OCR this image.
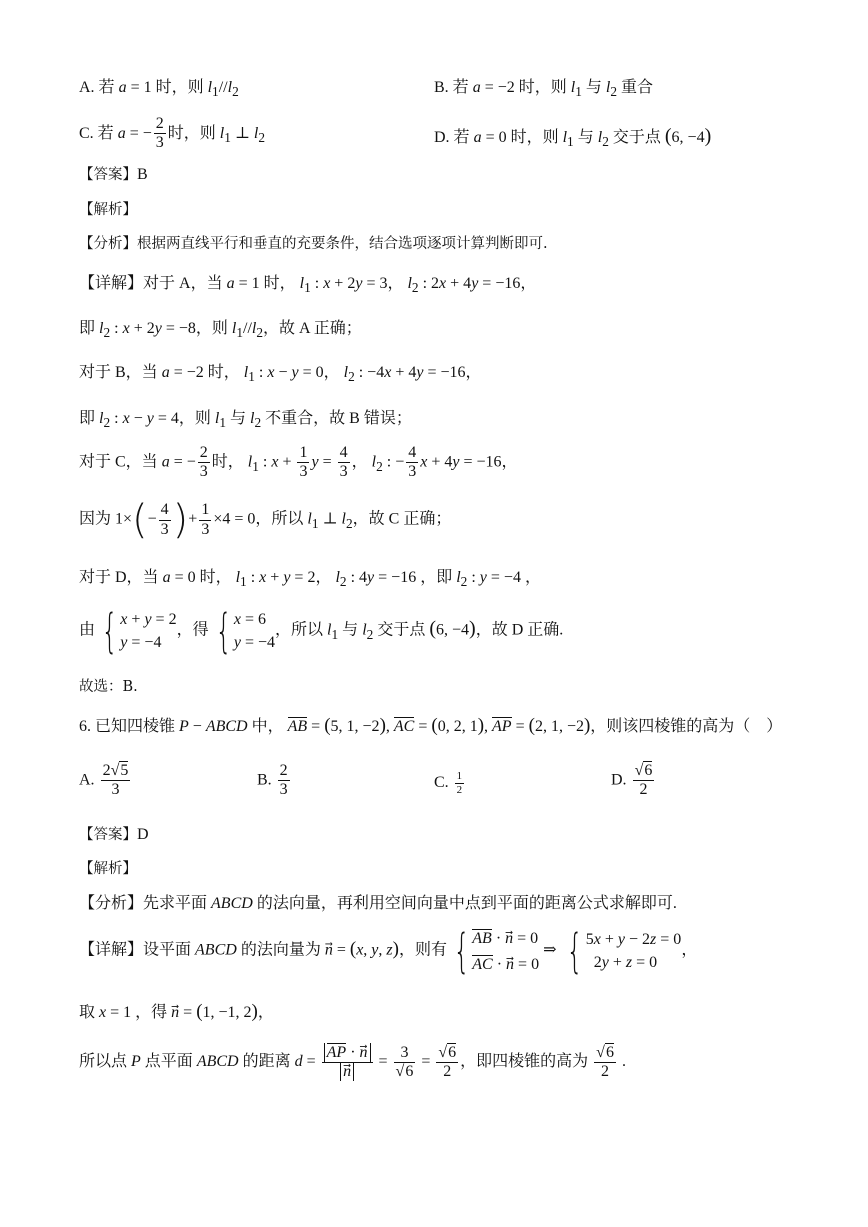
A. 若 a = 1 时，则 $l_1//l_2$	B. 若 a = −2 时，则 $l_1$ 与 $l_2$ 重合
C. 若 a = − $\frac{2}{3}$ 时，则 $l_1$ ⊥ $l_2$	D. 若 a = 0 时，则 $l_1$ 与 $l_2$ 交于点 (6, −4)
【答案】B
【解析】
【分析】根据两直线平行和垂直的充要条件，结合选项逐项计算判断即可.
【详解】对于 A，当 a = 1 时， $l_1$ : x + 2y = 3， $l_2$ : 2x + 4y = −16，
即 $l_2$ : x + 2y = −8，则 $l_1//l_2$，故 A 正确；
对于 B，当 a = −2 时， $l_1$ : x − y = 0， $l_2$ : −4x + 4y = −16，
即 $l_2$ : x − y = 4，则 $l_1$ 与 $l_2$ 不重合，故 B 错误；
对于 C，当 a = − $\frac{2}{3}$ 时， $l_1$ : $x + \frac{1}{3}$ $y = \frac{4}{3}$ ， $l_2$ : − $\frac{4}{3}$ x + 4y = −16，
因为 $1\times(- \frac{4}{3}$ )+ $\frac{1}{3} \times 4 = 0$，所以 $l_1$ ⊥ $l_2$，故 C 正确；
对于 D，当 a = 0 时， $l_1$ : x + y = 2， $l_2$ : 4y = −16 ，即 $l_2$ : y = −4 ，
由 { x + y = 2
y = −4
，得 { x = 6
y = −4
，所以 $l_1$ 与 $l_2$ 交于点 (6, −4)，故 D 正确.
故选：B.
6. 已知四棱锥 P − ABCD 中， AB = (5, 1, −2), AC = (0, 2, 1), AP = (2, 1, −2)，则该四棱锥的高为（    ）
A. $\frac{2√5}{3}$	B. $\frac{2}{3}$	C. $\frac{1}{2}$	D. $\frac{√6}{2}$
【答案】D
【解析】
【分析】先求平面 ABCD 的法向量，再利用空间向量中点到平面的距离公式求解即可.
【详解】设平面 ABCD 的法向量为 n⃗ = (x, y, z)，则有 { AB · n⃗ = 0
AC · n⃗ = 0
⇒ { 5x + y − 2z = 0
2y + z = 0
，
取 x = 1 ，得 n⃗ = (1, −1, 2)，
所以点 P 点平面 ABCD 的距离 $d = \frac{AP \cdot n}{n} = \frac{3}{√6} = \frac{√6}{2}$ ，即四棱锥的高为 $\frac{√6}{2}$ .
